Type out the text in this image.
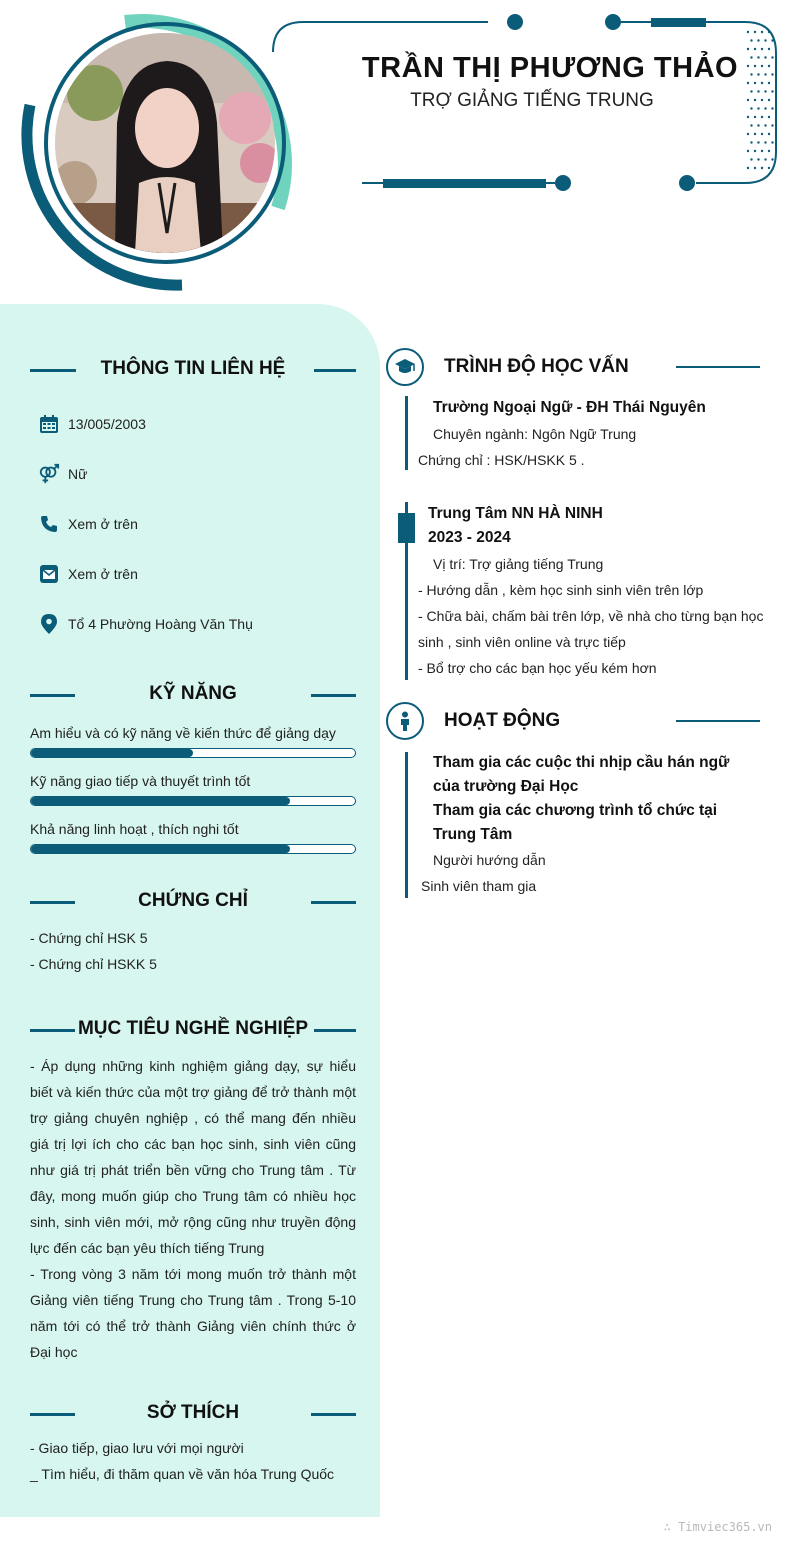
TRẦN THỊ PHƯƠNG THẢO
TRỢ GIẢNG TIẾNG TRUNG
THÔNG TIN LIÊN HỆ
13/005/2003
Nữ
Xem ở trên
Xem ở trên
Tổ 4 Phường Hoàng Văn Thụ
KỸ NĂNG
Am hiểu và có kỹ năng về kiến thức để giảng dạy
Kỹ năng giao tiếp và thuyết trình tốt
Khả năng linh hoạt , thích nghi tốt
CHỨNG CHỈ
- Chứng chỉ HSK 5
- Chứng chỉ HSKK 5
MỤC TIÊU NGHỀ NGHIỆP
- Áp dụng những kinh nghiệm giảng dạy, sự hiểu biết và kiến thức của một trợ giảng để trở thành một trợ giảng chuyên nghiệp , có thể mang đến nhiều giá trị lợi ích cho các bạn học sinh, sinh viên cũng như giá trị phát triển bền vững cho Trung tâm . Từ đây, mong muốn giúp cho Trung tâm có nhiều học sinh, sinh viên mới, mở rộng cũng như truyền động lực đến các bạn yêu thích tiếng Trung
- Trong vòng 3 năm tới mong muốn trở thành một Giảng viên tiếng Trung cho Trung tâm . Trong 5-10 năm tới có thể trở thành Giảng viên chính thức ở Đại học
SỞ THÍCH
- Giao tiếp, giao lưu với mọi người
_ Tìm hiểu, đi thăm quan về văn hóa Trung Quốc
TRÌNH ĐỘ HỌC VẤN
Trường Ngoại Ngữ - ĐH Thái Nguyên
Chuyên ngành: Ngôn Ngữ Trung
Chứng chỉ : HSK/HSKK 5 .
Trung Tâm NN HÀ NINH
2023 - 2024
Vị trí: Trợ giảng tiếng Trung
- Hướng dẫn , kèm học sinh sinh viên trên lớp
- Chữa bài, chấm bài trên lớp, về nhà cho từng bạn học
sinh , sinh viên online và trực tiếp
- Bổ trợ cho các bạn học yếu kém hơn
HOẠT ĐỘNG
Tham gia các cuộc thi nhịp cầu hán ngữ của trường Đại Học
Tham gia các chương trình tổ chức tại Trung Tâm
Người hướng dẫn
Sinh viên tham gia
∴ Timviec365.vn
